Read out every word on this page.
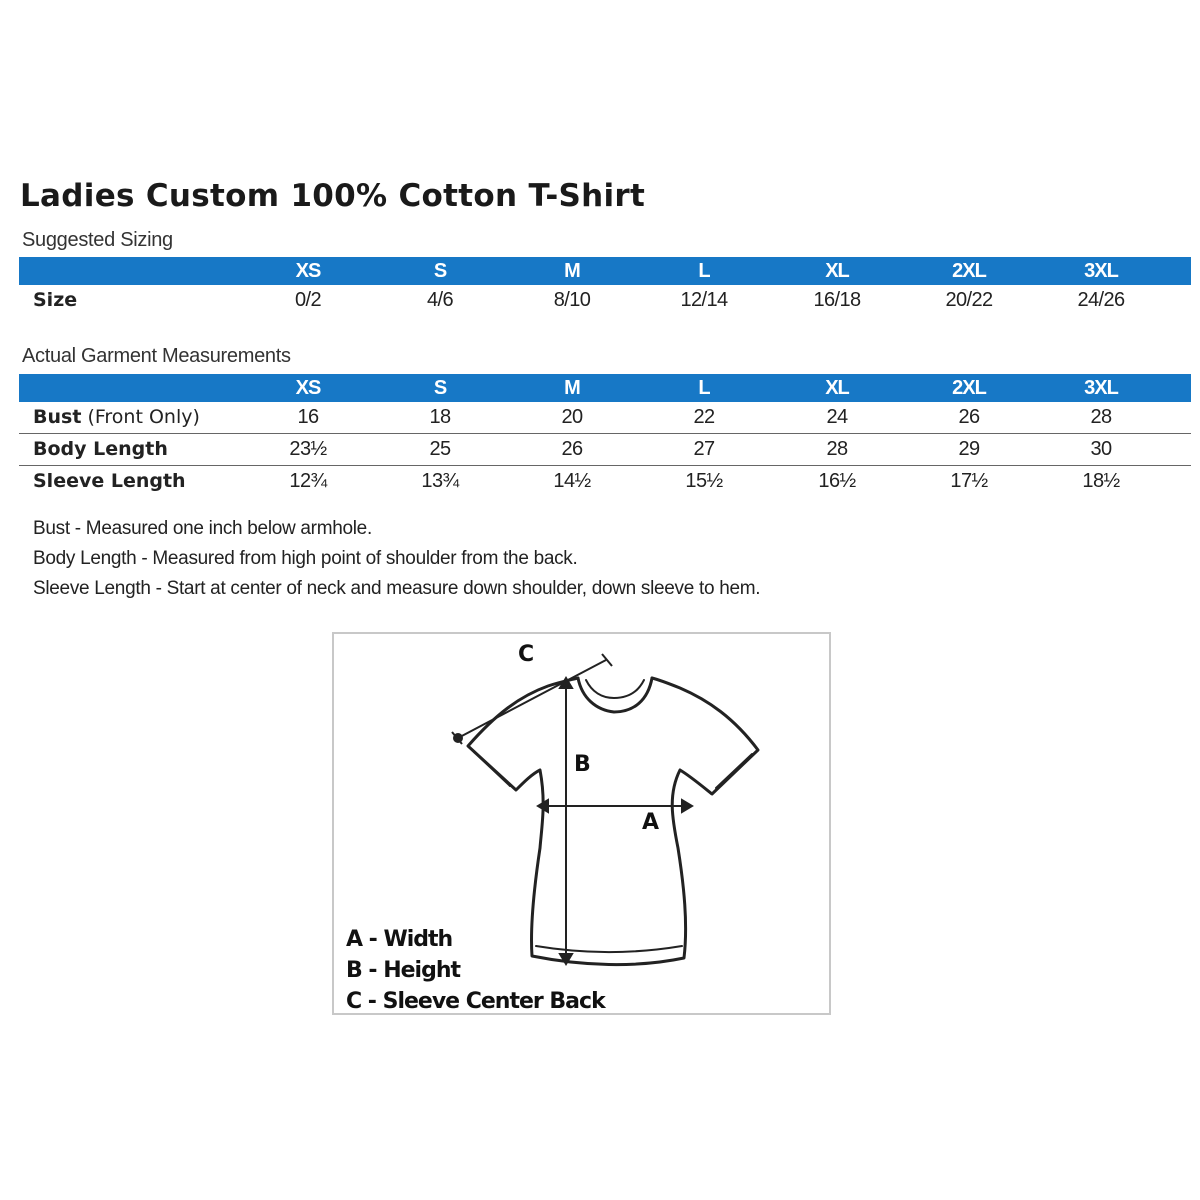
Ladies Custom 100% Cotton T-Shirt
Suggested Sizing
XS	S	M	L	XL	2XL	3XL
Size	0/2	4/6	8/10	12/14	16/18	20/22	24/26
Actual Garment Measurements
XS	S	M	L	XL	2XL	3XL
Bust (Front Only)	16	18	20	22	24	26	28
Body Length	23½	25	26	27	28	29	30
Sleeve Length	12¾	13¾	14½	15½	16½	17½	18½
Bust - Measured one inch below armhole.
Body Length - Measured from high point of shoulder from the back.
Sleeve Length - Start at center of neck and measure down shoulder, down sleeve to hem.
C
B
A
A - Width
B - Height
C - Sleeve Center Back
